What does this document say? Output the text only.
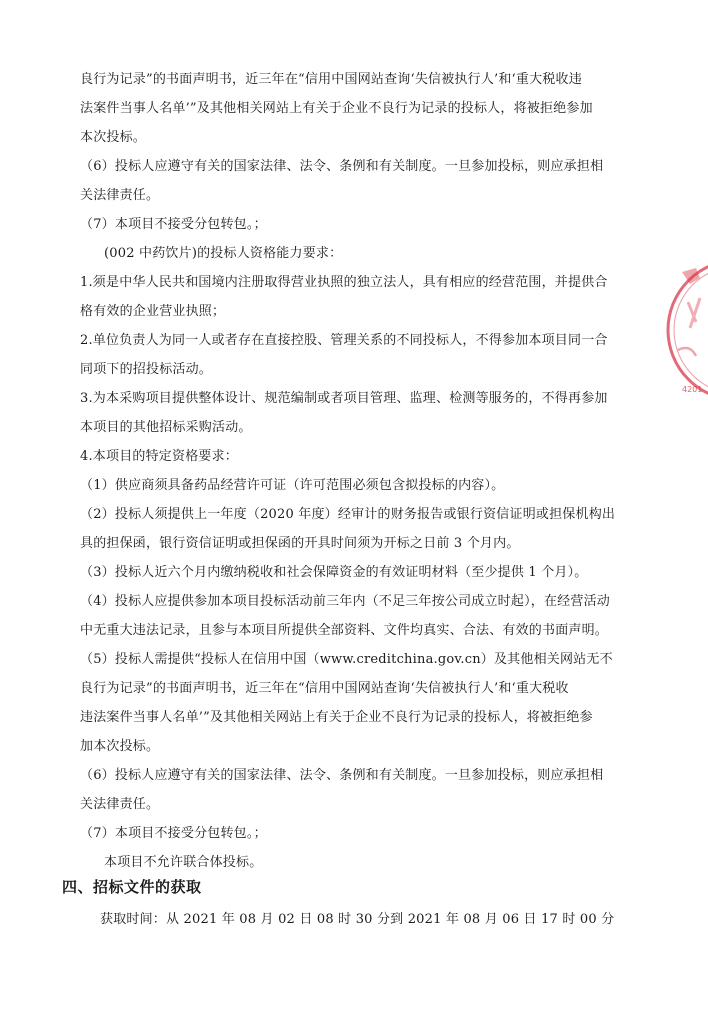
良行为记录”的书面声明书，近三年在“信用中国网站查询‘失信被执行人’和‘重大税收违
法案件当事人名单’”及其他相关网站上有关于企业不良行为记录的投标人，将被拒绝参加
本次投标。
（6）投标人应遵守有关的国家法律、法令、条例和有关制度。一旦参加投标，则应承担相
关法律责任。
（7）本项目不接受分包转包。；
(002 中药饮片)的投标人资格能力要求：
1.须是中华人民共和国境内注册取得营业执照的独立法人，具有相应的经营范围，并提供合
格有效的企业营业执照；
2.单位负责人为同一人或者存在直接控股、管理关系的不同投标人，不得参加本项目同一合
同项下的招投标活动。
3.为本采购项目提供整体设计、规范编制或者项目管理、监理、检测等服务的，不得再参加
本项目的其他招标采购活动。
4.本项目的特定资格要求：
（1）供应商须具备药品经营许可证（许可范围必须包含拟投标的内容）。
（2）投标人须提供上一年度（2020 年度）经审计的财务报告或银行资信证明或担保机构出
具的担保函，银行资信证明或担保函的开具时间须为开标之日前 3 个月内。
（3）投标人近六个月内缴纳税收和社会保障资金的有效证明材料（至少提供 1 个月）。
（4）投标人应提供参加本项目投标活动前三年内（不足三年按公司成立时起），在经营活动
中无重大违法记录，且参与本项目所提供全部资料、文件均真实、合法、有效的书面声明。
（5）投标人需提供“投标人在信用中国（www.creditchina.gov.cn）及其他相关网站无不
良行为记录”的书面声明书，近三年在“信用中国网站查询‘失信被执行人’和‘重大税收
违法案件当事人名单’”及其他相关网站上有关于企业不良行为记录的投标人，将被拒绝参
加本次投标。
（6）投标人应遵守有关的国家法律、法令、条例和有关制度。一旦参加投标，则应承担相
关法律责任。
（7）本项目不接受分包转包。；
本项目不允许联合体投标。
四、招标文件的获取
获取时间：从 2021 年 08 月 02 日 08 时 30 分到 2021 年 08 月 06 日 17 时 00 分
4201
